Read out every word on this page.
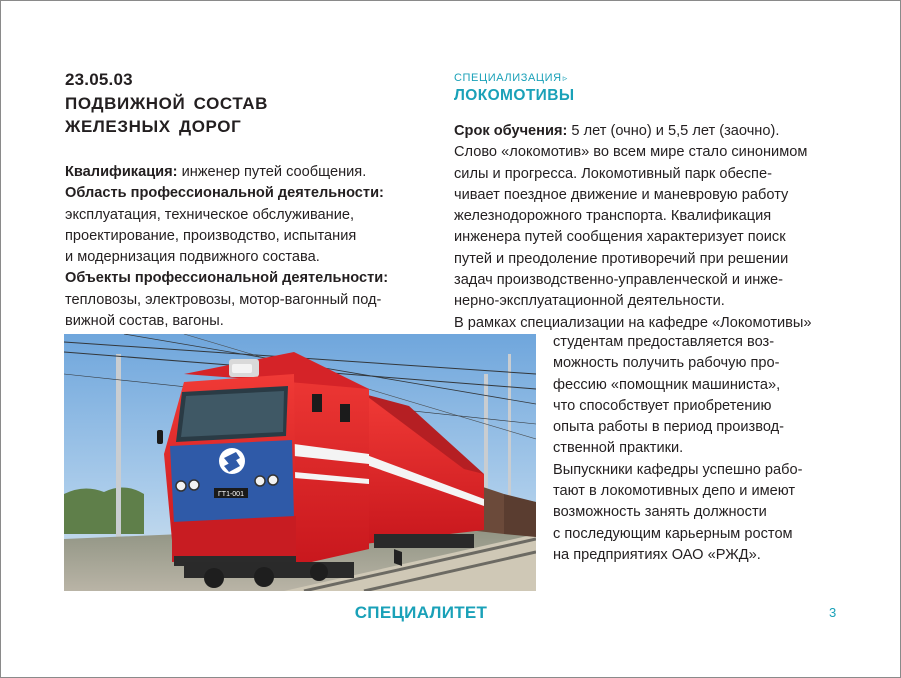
23.05.03
ПОДВИЖНОЙ СОСТАВ
ЖЕЛЕЗНЫХ ДОРОГ
Квалификация: инженер путей сообщения.
Область профессиональной деятельности:
эксплуатация, техническое обслуживание,
проектирование, производство, испытания
и модернизация подвижного состава.
Объекты профессиональной деятельности:
тепловозы, электровозы, мотор-вагонный под-
вижной состав, вагоны.
СПЕЦИАЛИЗАЦИЯ▹
ЛОКОМОТИВЫ
Срок обучения: 5 лет (очно) и 5,5 лет (заочно).
Слово «локомотив» во всем мире стало синонимом
силы и прогресса. Локомотивный парк обеспе-
чивает поездное движение и маневровую работу
железнодорожного транспорта. Квалификация
инженера путей сообщения характеризует поиск
путей и преодоление противоречий при решении
задач производственно-управленческой и инже-
нерно-эксплуатационной деятельности.
В рамках специализации на кафедре «Локомотивы»
студентам предоставляется воз-
можность получить рабочую про-
фессию «помощник машиниста»,
что способствует приобретению
опыта работы в период производ-
ственной практики.
Выпускники кафедры успешно рабо-
тают в локомотивных депо и имеют
возможность занять должности
с последующим карьерным ростом
на предприятиях ОАО «РЖД».
ГТ1-001
СПЕЦИАЛИТЕТ	3
